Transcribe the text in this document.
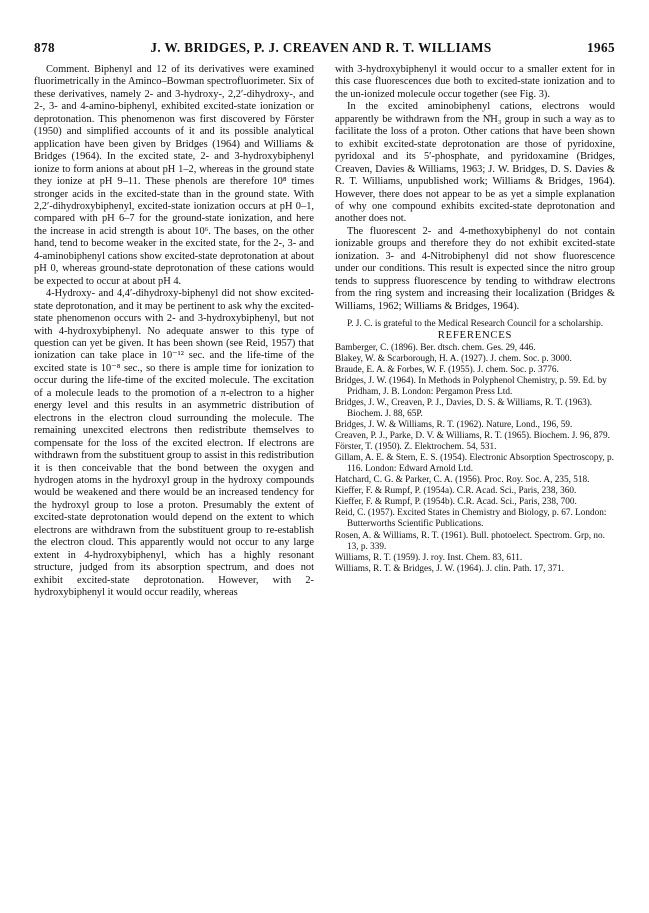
878	J. W. BRIDGES, P. J. CREAVEN AND R. T. WILLIAMS	1965

Comment. Biphenyl and 12 of its derivatives were examined fluorimetrically in the Aminco–Bowman spectrofluorimeter. Six of these derivatives, namely 2- and 3-hydroxy-, 2,2′-dihydroxy-, and 2-, 3- and 4-amino-biphenyl, exhibited excited-state ionization or deprotonation. This phenomenon was first discovered by Förster (1950) and simplified accounts of it and its possible analytical application have been given by Bridges (1964) and Williams & Bridges (1964). In the excited state, 2- and 3-hydroxybiphenyl ionize to form anions at about pH 1–2, whereas in the ground state they ionize at pH 9–11. These phenols are therefore 10⁸ times stronger acids in the excited-state than in the ground state. With 2,2′-dihydroxybiphenyl, excited-state ionization occurs at pH 0–1, compared with pH 6–7 for the ground-state ionization, and here the increase in acid strength is about 10⁶. The bases, on the other hand, tend to become weaker in the excited state, for the 2-, 3- and 4-aminobiphenyl cations show excited-state deprotonation at about pH 0, whereas ground-state deprotonation of these cations would be expected to occur at about pH 4.

4-Hydroxy- and 4,4′-dihydroxy-biphenyl did not show excited-state deprotonation, and it may be pertinent to ask why the excited-state phenomenon occurs with 2- and 3-hydroxybiphenyl, but not with 4-hydroxybiphenyl. No adequate answer to this type of question can yet be given. It has been shown (see Reid, 1957) that ionization can take place in 10⁻¹² sec. and the life-time of the excited state is 10⁻⁸ sec., so there is ample time for ionization to occur during the life-time of the excited molecule. The excitation of a molecule leads to the promotion of a π-electron to a higher energy level and this results in an asymmetric distribution of electrons in the electron cloud surrounding the molecule. The remaining unexcited electrons then redistribute themselves to compensate for the loss of the excited electron. If electrons are withdrawn from the substituent group to assist in this redistribution it is then conceivable that the bond between the oxygen and hydrogen atoms in the hydroxyl group in the hydroxy compounds would be weakened and there would be an increased tendency for the hydroxyl group to lose a proton. Presumably the extent of excited-state deprotonation would depend on the extent to which electrons are withdrawn from the substituent group to re-establish the electron cloud. This apparently would not occur to any large extent in 4-hydroxybiphenyl, which has a highly resonant structure, judged from its absorption spectrum, and does not exhibit excited-state deprotonation. However, with 2-hydroxybiphenyl it would occur readily, whereas

with 3-hydroxybiphenyl it would occur to a smaller extent for in this case fluorescences due both to excited-state ionization and to the un-ionized molecule occur together (see Fig. 3).

In the excited aminobiphenyl cations, electrons would apparently be withdrawn from the N̊H₃ group in such a way as to facilitate the loss of a proton. Other cations that have been shown to exhibit excited-state deprotonation are those of pyridoxine, pyridoxal and its 5′-phosphate, and pyridoxamine (Bridges, Creaven, Davies & Williams, 1963; J. W. Bridges, D. S. Davies & R. T. Williams, unpublished work; Williams & Bridges, 1964). However, there does not appear to be as yet a simple explanation of why one compound exhibits excited-state deprotonation and another does not.

The fluorescent 2- and 4-methoxybiphenyl do not contain ionizable groups and therefore they do not exhibit excited-state ionization. 3- and 4-Nitrobiphenyl did not show fluorescence under our conditions. This result is expected since the nitro group tends to suppress fluorescence by tending to withdraw electrons from the ring system and increasing their localization (Bridges & Williams, 1962; Williams & Bridges, 1964).

P. J. C. is grateful to the Medical Research Council for a scholarship.

REFERENCES

Bamberger, C. (1896). Ber. dtsch. chem. Ges. 29, 446.
Blakey, W. & Scarborough, H. A. (1927). J. chem. Soc. p. 3000.
Braude, E. A. & Forbes, W. F. (1955). J. chem. Soc. p. 3776.
Bridges, J. W. (1964). In Methods in Polyphenol Chemistry, p. 59. Ed. by Pridham, J. B. London: Pergamon Press Ltd.
Bridges, J. W., Creaven, P. J., Davies, D. S. & Williams, R. T. (1963). Biochem. J. 88, 65P.
Bridges, J. W. & Williams, R. T. (1962). Nature, Lond., 196, 59.
Creaven, P. J., Parke, D. V. & Williams, R. T. (1965). Biochem. J. 96, 879.
Förster, T. (1950). Z. Elektrochem. 54, 531.
Gillam, A. E. & Stern, E. S. (1954). Electronic Absorption Spectroscopy, p. 116. London: Edward Arnold Ltd.
Hatchard, C. G. & Parker, C. A. (1956). Proc. Roy. Soc. A, 235, 518.
Kieffer, F. & Rumpf, P. (1954a). C.R. Acad. Sci., Paris, 238, 360.
Kieffer, F. & Rumpf, P. (1954b). C.R. Acad. Sci., Paris, 238, 700.
Reid, C. (1957). Excited States in Chemistry and Biology, p. 67. London: Butterworths Scientific Publications.
Rosen, A. & Williams, R. T. (1961). Bull. photoelect. Spectrom. Grp, no. 13, p. 339.
Williams, R. T. (1959). J. roy. Inst. Chem. 83, 611.
Williams, R. T. & Bridges, J. W. (1964). J. clin. Path. 17, 371.
